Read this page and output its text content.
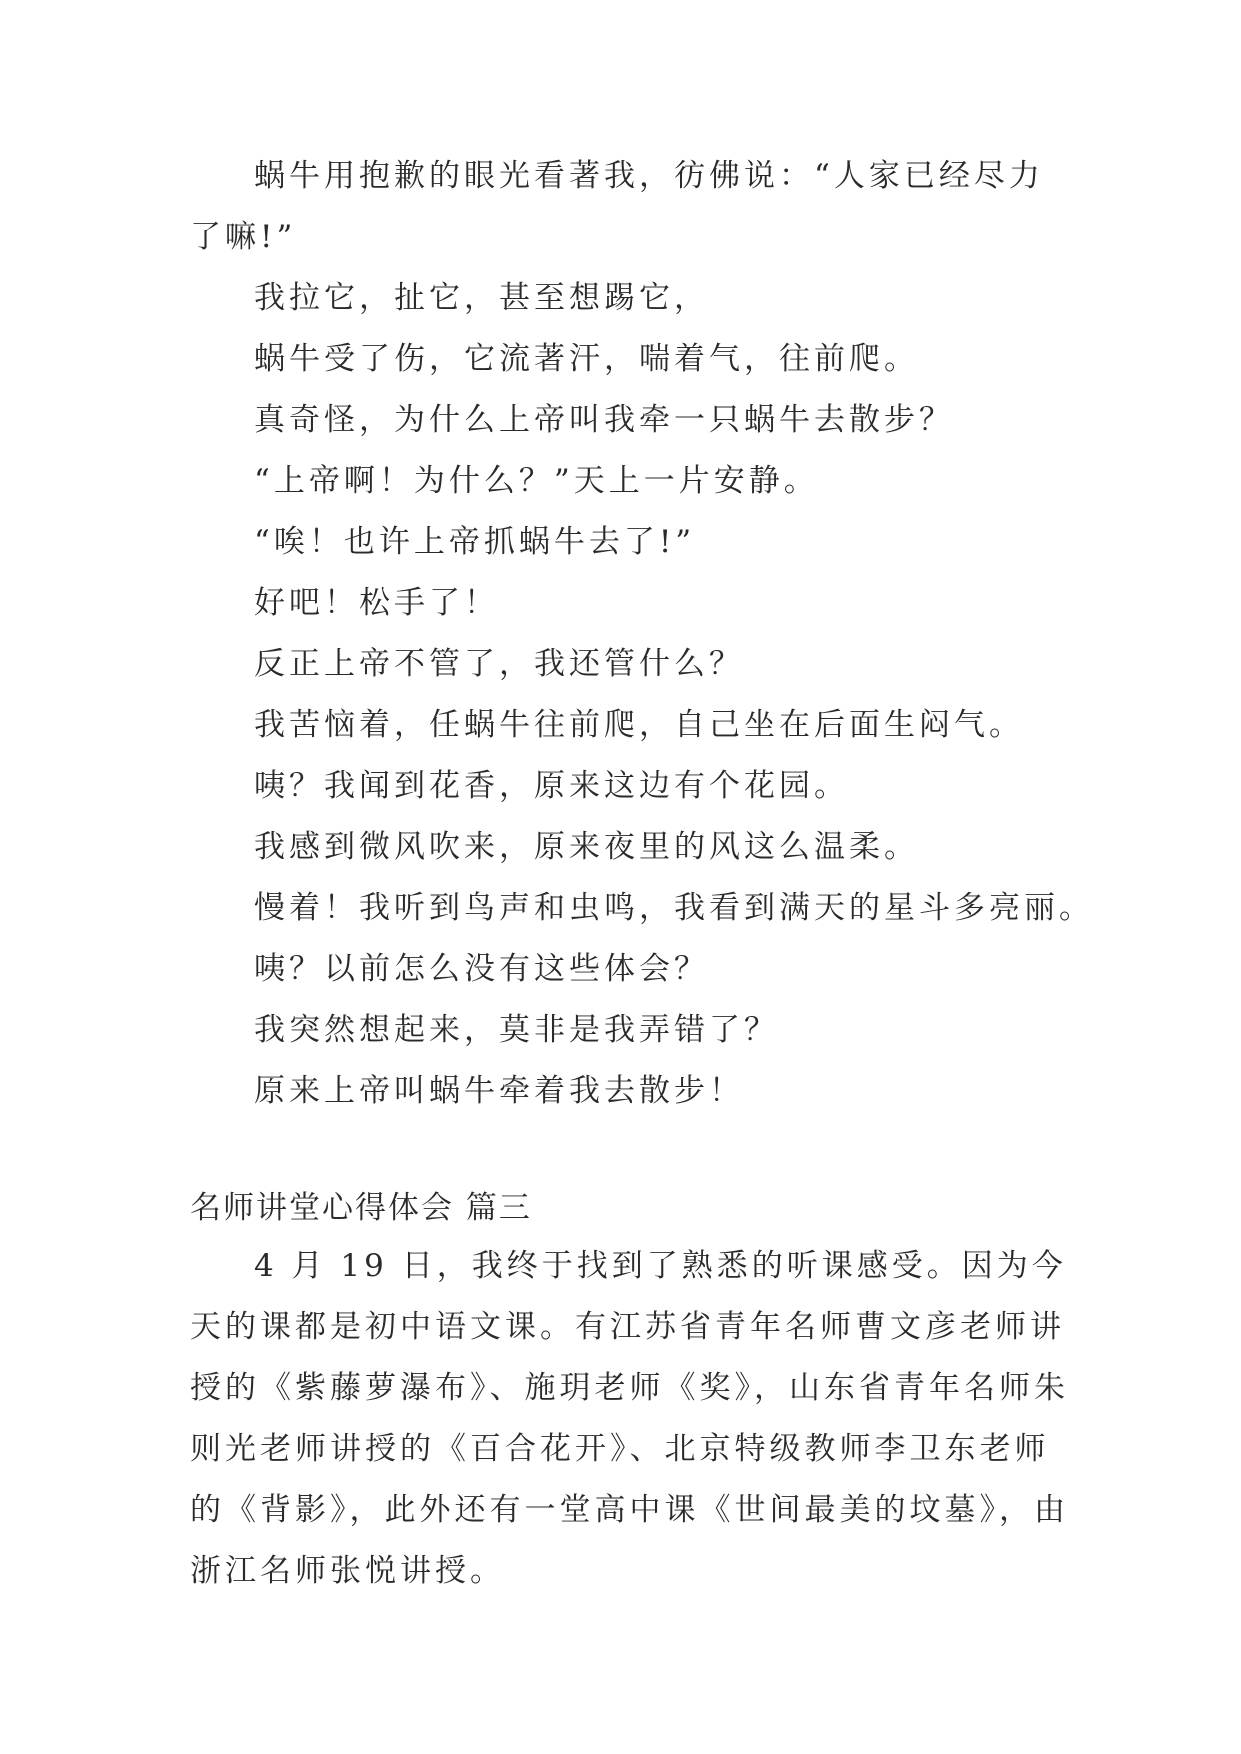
蜗牛用抱歉的眼光看著我，彷佛说：“人家已经尽力了嘛!”

我拉它，扯它，甚至想踢它，

蜗牛受了伤，它流著汗，喘着气，往前爬。

真奇怪，为什么上帝叫我牵一只蜗牛去散步？

“上帝啊！为什么？”天上一片安静。

“唉！也许上帝抓蜗牛去了!”

好吧！松手了！

反正上帝不管了，我还管什么？

我苦恼着，任蜗牛往前爬，自己坐在后面生闷气。

咦？我闻到花香，原来这边有个花园。

我感到微风吹来，原来夜里的风这么温柔。

慢着！我听到鸟声和虫鸣，我看到满天的星斗多亮丽。

咦？以前怎么没有这些体会？

我突然想起来，莫非是我弄错了？

原来上帝叫蜗牛牵着我去散步！

名师讲堂心得体会 篇三

4 月 19 日，我终于找到了熟悉的听课感受。因为今天的课都是初中语文课。有江苏省青年名师曹文彦老师讲授的《紫藤萝瀑布》、施玥老师《奖》，山东省青年名师朱则光老师讲授的《百合花开》、北京特级教师李卫东老师的《背影》，此外还有一堂高中课《世间最美的坟墓》，由浙江名师张悦讲授。
